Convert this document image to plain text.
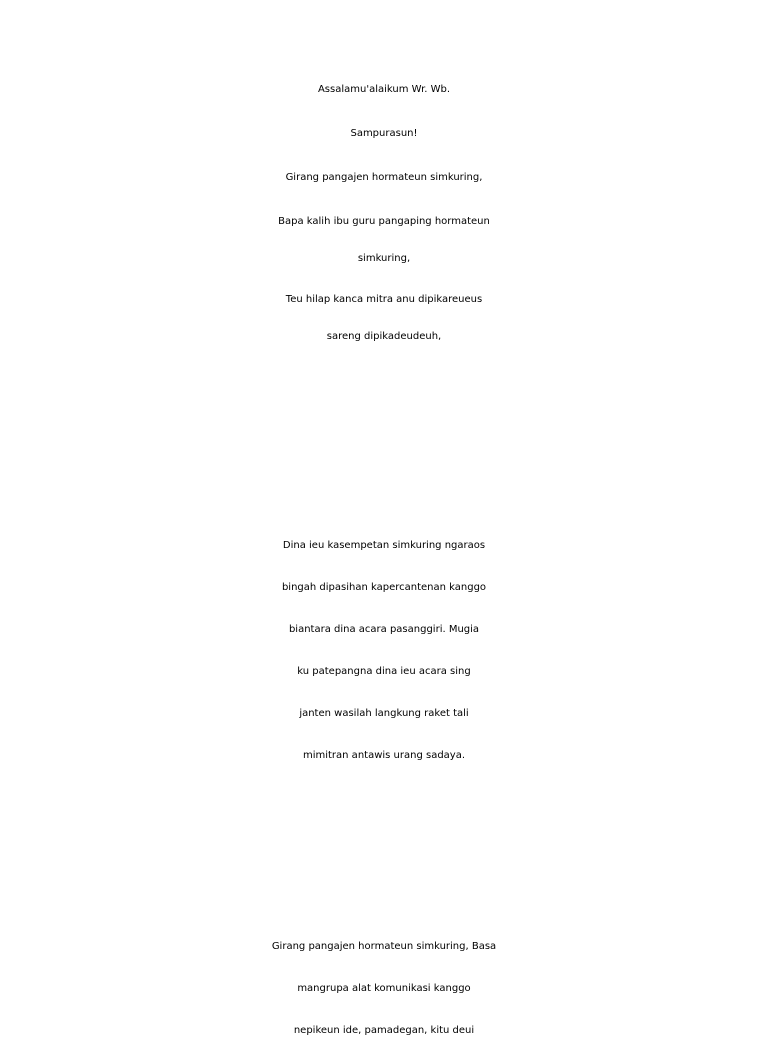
Assalamu'alaikum Wr. Wb.
Sampurasun!
Girang pangajen hormateun simkuring,
Bapa kalih ibu guru pangaping hormateun
simkuring,
Teu hilap kanca mitra anu dipikareueus
sareng dipikadeudeuh,
Dina ieu kasempetan simkuring ngaraos
bingah dipasihan kapercantenan kanggo
biantara dina acara pasanggiri. Mugia
ku patepangna dina ieu acara sing
janten wasilah langkung raket tali
mimitran antawis urang sadaya.
Girang pangajen hormateun simkuring, Basa
mangrupa alat komunikasi kanggo
nepikeun ide, pamadegan, kitu deui
